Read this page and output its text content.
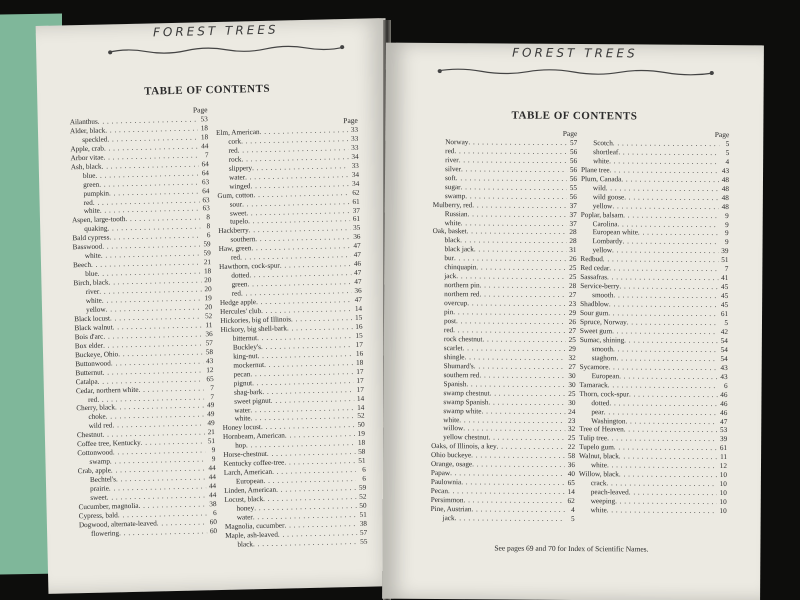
FOREST TREES
TABLE OF CONTENTS
Page
Ailanthus . . .	53
Alder, black . . .	18
speckled . . .	18
Apple, crab . . .	44
Arbor vitae . . .	7
Ash, black . . .	64
blue . . .	64
green . . .	63
pumpkin . . .	64
red . . .	63
white . . .	63
Aspen, large-tooth . . .	8
quaking . . .	8
Bald cypress . . .	6
Basswood . . .	59
white . . .	59
Beech . . .	21
blue . . .	18
Birch, black . . .	20
river . . .	20
white . . .	19
yellow . . .	20
Black locust . . .	52
Black walnut . . .	11
Bois d'arc . . .	36
Box elder . . .	57
Buckeye, Ohio . . .	58
Buttonwood . . .	43
Butternut . . .	12
Catalpa . . .	65
Cedar, northern white . . .	7
red . . .	7
Cherry, black . . .	49
choke . . .	49
wild red . . .	49
Chestnut . . .	21
Coffee tree, Kentucky . . .	51
Cottonwood . . .	9
swamp . . .	9
Crab, apple . . .	44
Bechtel's . . .	44
prairie . . .	44
sweet . . .	44
Cucumber, magnolia . . .	38
Cypress, bald . . .	6
Dogwood, alternate-leaved . . .	60
flowering . . .	60
Page
Elm, American . . .	33
cork . . .	33
red . . .	33
rock . . .	34
slippery . . .	33
water . . .	34
winged . . .	34
Gum, cotton . . .	62
sour . . .	61
sweet . . .	37
tupelo . . .	61
Hackberry . . .	35
southern . . .	36
Haw, green . . .	47
red . . .	47
Hawthorn, cock-spur . . .	46
dotted . . .	47
green . . .	47
red . . .	36
Hedge apple . . .	47
Hercules' club . . .	14
Hickories, big of Illinois . . .	15
Hickory, big shell-bark . . .	16
bitternut . . .	15
Buckley's . . .	17
king-nut . . .	16
mockernut . . .	18
pecan . . .	17
pignut . . .	17
shag-bark . . .	17
sweet pignut . . .	14
water . . .	14
white . . .	52
Honey locust . . .	50
Hornbeam, American . . .	19
hop . . .	18
Horse-chestnut . . .	58
Kentucky coffee-tree . . .	51
Larch, American . . .	6
European . . .	6
Linden, American . . .	59
Locust, black . . .	52
honey . . .	50
water . . .	51
Magnolia, cucumber . . .	38
Maple, ash-leaved . . .	57
black . . .	55
FOREST TREES
TABLE OF CONTENTS
Page
Norway . . .	57
red . . .	56
river . . .	56
silver . . .	56
soft . . .	56
sugar . . .	55
swamp . . .	56
Mulberry, red . . .	37
Russian . . .	37
white . . .	37
Oak, basket . . .	28
black . . .	28
black jack . . .	31
bur . . .	26
chinquapin . . .	25
jack . . .	25
northern pin . . .	28
northern red . . .	27
overcup . . .	23
pin . . .	29
post . . .	26
red . . .	27
rock chestnut . . .	25
scarlet . . .	29
shingle . . .	32
Shumard's . . .	27
southern red . . .	30
Spanish . . .	30
swamp chestnut . . .	25
swamp Spanish . . .	30
swamp white . . .	24
white . . .	23
willow . . .	32
yellow chestnut . . .	25
Oaks, of Illinois, a key . . .	22
Ohio buckeye . . .	58
Orange, osage . . .	36
Papaw . . .	40
Paulownia . . .	65
Pecan . . .	14
Persimmon . . .	62
Pine, Austrian . . .	4
jack . . .	5
Page
Scotch . . .	5
shortleaf . . .	5
white . . .	4
Plane tree . . .	43
Plum, Canada . . .	48
wild . . .	48
wild goose . . .	48
yellow . . .	48
Poplar, balsam . . .	9
Carolina . . .	9
European white . . .	9
Lombardy . . .	9
yellow . . .	39
Redbud . . .	51
Red cedar . . .	7
Sassafras . . .	41
Service-berry . . .	45
smooth . . .	45
Shadblow . . .	45
Sour gum . . .	61
Spruce, Norway . . .	5
Sweet gum . . .	42
Sumac, shining . . .	54
smooth . . .	54
staghorn . . .	54
Sycamore . . .	43
European . . .	43
Tamarack . . .	6
Thorn, cock-spur . . .	46
dotted . . .	46
pear . . .	46
Washington . . .	47
Tree of Heaven . . .	53
Tulip tree . . .	39
Tupelo gum . . .	61
Walnut, black . . .	11
white . . .	12
Willow, black . . .	10
crack . . .	10
peach-leaved . . .	10
weeping . . .	10
white . . .	10
See pages 69 and 70 for Index of Scientific Names.
